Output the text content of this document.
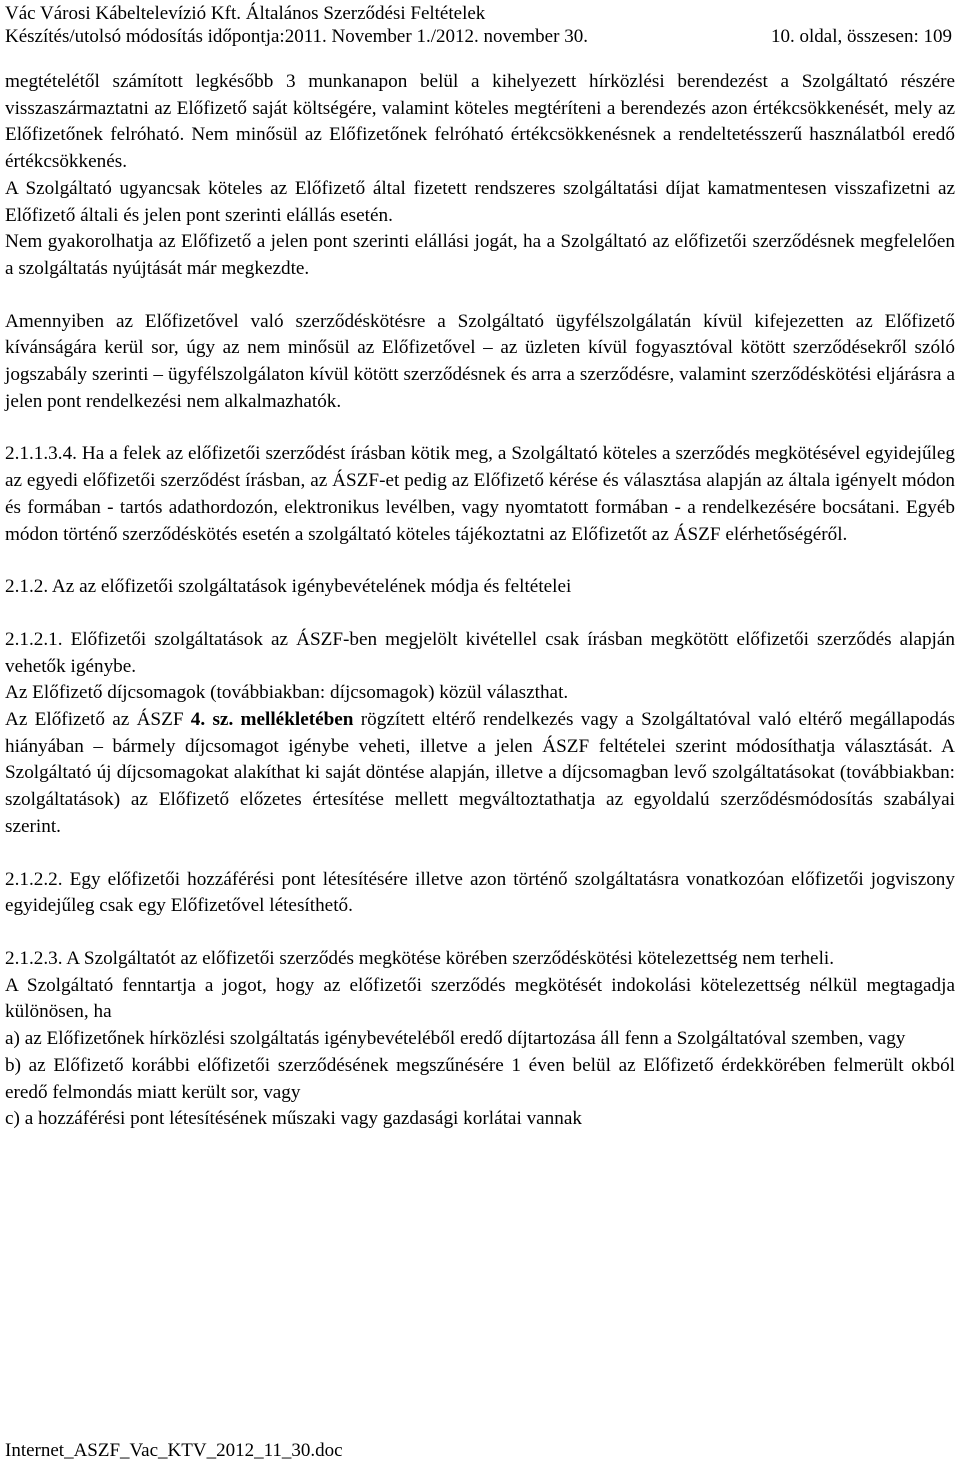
Vác Városi Kábeltelevízió Kft. Általános Szerződési Feltételek
Készítés/utolsó módosítás időpontja:2011. November 1./2012. november 30.	10. oldal, összesen: 109

megtételétől számított legkésőbb 3 munkanapon belül a kihelyezett hírközlési berendezést a Szolgáltató részére visszaszármaztatni az Előfizető saját költségére, valamint köteles megtéríteni a berendezés azon értékcsökkenését, mely az Előfizetőnek felróható. Nem minősül az Előfizetőnek felróható értékcsökkenésnek a rendeltetésszerű használatból eredő értékcsökkenés.

A Szolgáltató ugyancsak köteles az Előfizető által fizetett rendszeres szolgáltatási díjat kamatmentesen visszafizetni az Előfizető általi és jelen pont szerinti elállás esetén.

Nem gyakorolhatja az Előfizető a jelen pont szerinti elállási jogát, ha a Szolgáltató az előfizetői szerződésnek megfelelően a szolgáltatás nyújtását már megkezdte.

Amennyiben az Előfizetővel való szerződéskötésre a Szolgáltató ügyfélszolgálatán kívül kifejezetten az Előfizető kívánságára kerül sor, úgy az nem minősül az Előfizetővel – az üzleten kívül fogyasztóval kötött szerződésekről szóló jogszabály szerinti – ügyfélszolgálaton kívül kötött szerződésnek és arra a szerződésre, valamint szerződéskötési eljárásra a jelen pont rendelkezési nem alkalmazhatók.

2.1.1.3.4. Ha a felek az előfizetői szerződést írásban kötik meg, a Szolgáltató köteles a szerződés megkötésével egyidejűleg az egyedi előfizetői szerződést írásban, az ÁSZF-et pedig az Előfizető kérése és választása alapján az általa igényelt módon és formában - tartós adathordozón, elektronikus levélben, vagy nyomtatott formában - a rendelkezésére bocsátani. Egyéb módon történő szerződéskötés esetén a szolgáltató köteles tájékoztatni az Előfizetőt az ÁSZF elérhetőségéről.

2.1.2. Az az előfizetői szolgáltatások igénybevételének módja és feltételei

2.1.2.1. Előfizetői szolgáltatások az ÁSZF-ben megjelölt kivétellel csak írásban megkötött előfizetői szerződés alapján vehetők igénybe.

Az Előfizető díjcsomagok (továbbiakban: díjcsomagok) közül választhat.

Az Előfizető az ÁSZF 4. sz. mellékletében rögzített eltérő rendelkezés vagy a Szolgáltatóval való eltérő megállapodás hiányában – bármely díjcsomagot igénybe veheti, illetve a jelen ÁSZF feltételei szerint módosíthatja választását. A Szolgáltató új díjcsomagokat alakíthat ki saját döntése alapján, illetve a díjcsomagban levő szolgáltatásokat (továbbiakban: szolgáltatások) az Előfizető előzetes értesítése mellett megváltoztathatja az egyoldalú szerződésmódosítás szabályai szerint.

2.1.2.2. Egy előfizetői hozzáférési pont létesítésére illetve azon történő szolgáltatásra vonatkozóan előfizetői jogviszony egyidejűleg csak egy Előfizetővel létesíthető.

2.1.2.3. A Szolgáltatót az előfizetői szerződés megkötése körében szerződéskötési kötelezettség nem terheli.

A Szolgáltató fenntartja a jogot, hogy az előfizetői szerződés megkötését indokolási kötelezettség nélkül megtagadja különösen, ha

a) az Előfizetőnek hírközlési szolgáltatás igénybevételéből eredő díjtartozása áll fenn a Szolgáltatóval szemben, vagy

b) az Előfizető korábbi előfizetői szerződésének megszűnésére 1 éven belül az Előfizető érdekkörében felmerült okból eredő felmondás miatt került sor, vagy

c) a hozzáférési pont létesítésének műszaki vagy gazdasági korlátai vannak

Internet_ASZF_Vac_KTV_2012_11_30.doc
